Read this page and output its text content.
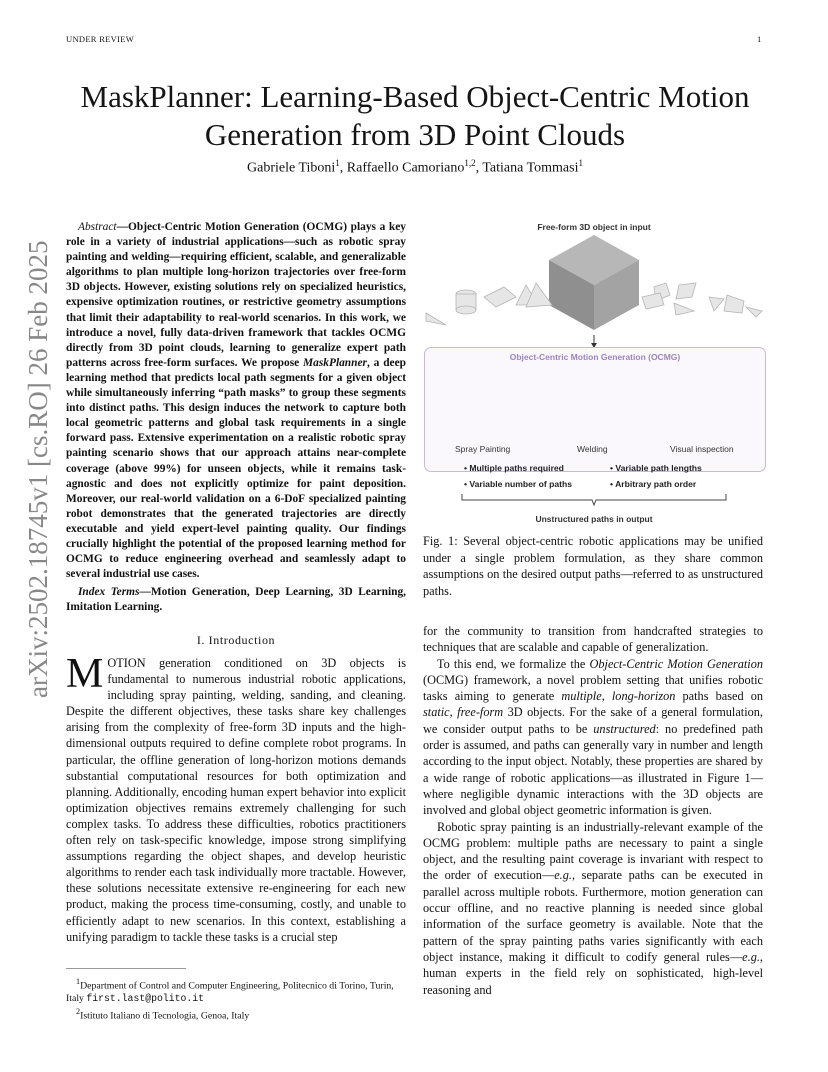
UNDER REVIEW	1
MaskPlanner: Learning-Based Object-Centric Motion Generation from 3D Point Clouds
Gabriele Tiboni$^1$, Raffaello Camoriano$^{1,2}$, Tatiana Tommasi$^1$
arXiv:2502.18745v1 [cs.RO] 26 Feb 2025
Abstract—Object-Centric Motion Generation (OCMG) plays a key role in a variety of industrial applications—such as robotic spray painting and welding—requiring efficient, scalable, and generalizable algorithms to plan multiple long-horizon trajectories over free-form 3D objects. However, existing solutions rely on specialized heuristics, expensive optimization routines, or restrictive geometry assumptions that limit their adaptability to real-world scenarios. In this work, we introduce a novel, fully data-driven framework that tackles OCMG directly from 3D point clouds, learning to generalize expert path patterns across free-form surfaces. We propose MaskPlanner, a deep learning method that predicts local path segments for a given object while simultaneously inferring “path masks” to group these segments into distinct paths. This design induces the network to capture both local geometric patterns and global task requirements in a single forward pass. Extensive experimentation on a realistic robotic spray painting scenario shows that our approach attains near-complete coverage (above 99%) for unseen objects, while it remains task-agnostic and does not explicitly optimize for paint deposition. Moreover, our real-world validation on a 6-DoF specialized painting robot demonstrates that the generated trajectories are directly executable and yield expert-level painting quality. Our findings crucially highlight the potential of the proposed learning method for OCMG to reduce engineering overhead and seamlessly adapt to several industrial use cases.
Index Terms—Motion Generation, Deep Learning, 3D Learning, Imitation Learning.
I. Introduction
MOTION generation conditioned on 3D objects is fundamental to numerous industrial robotic applications, including spray painting, welding, sanding, and cleaning. Despite the different objectives, these tasks share key challenges arising from the complexity of free-form 3D inputs and the high-dimensional outputs required to define complete robot programs. In particular, the offline generation of long-horizon motions demands substantial computational resources for both optimization and planning. Additionally, encoding human expert behavior into explicit optimization objectives remains extremely challenging for such complex tasks. To address these difficulties, robotics practitioners often rely on task-specific knowledge, impose strong simplifying assumptions regarding the object shapes, and develop heuristic algorithms to render each task individually more tractable. However, these solutions necessitate extensive re-engineering for each new product, making the process time-consuming, costly, and unable to efficiently adapt to new scenarios. In this context, establishing a unifying paradigm to tackle these tasks is a crucial step
$^1$Department of Control and Computer Engineering, Politecnico di Torino, Turin, Italy first.last@polito.it
$^2$Istituto Italiano di Tecnologia, Genoa, Italy
Free-form 3D object in input
Object-Centric Motion Generation (OCMG)
Spray Painting	Welding	Visual inspection
• Multiple paths required
• Variable number of paths
• Variable path lengths
• Arbitrary path order
Unstructured paths in output
Fig. 1: Several object-centric robotic applications may be unified under a single problem formulation, as they share common assumptions on the desired output paths—referred to as unstructured paths.

for the community to transition from handcrafted strategies to techniques that are scalable and capable of generalization.

To this end, we formalize the Object-Centric Motion Generation (OCMG) framework, a novel problem setting that unifies robotic tasks aiming to generate multiple, long-horizon paths based on static, free-form 3D objects. For the sake of a general formulation, we consider output paths to be unstructured: no predefined path order is assumed, and paths can generally vary in number and length according to the input object. Notably, these properties are shared by a wide range of robotic applications—as illustrated in Figure 1—where negligible dynamic interactions with the 3D objects are involved and global object geometric information is given.

Robotic spray painting is an industrially-relevant example of the OCMG problem: multiple paths are necessary to paint a single object, and the resulting paint coverage is invariant with respect to the order of execution—e.g., separate paths can be executed in parallel across multiple robots. Furthermore, motion generation can occur offline, and no reactive planning is needed since global information of the surface geometry is available. Note that the pattern of the spray painting paths varies significantly with each object instance, making it difficult to codify general rules—e.g., human experts in the field rely on sophisticated, high-level reasoning and
